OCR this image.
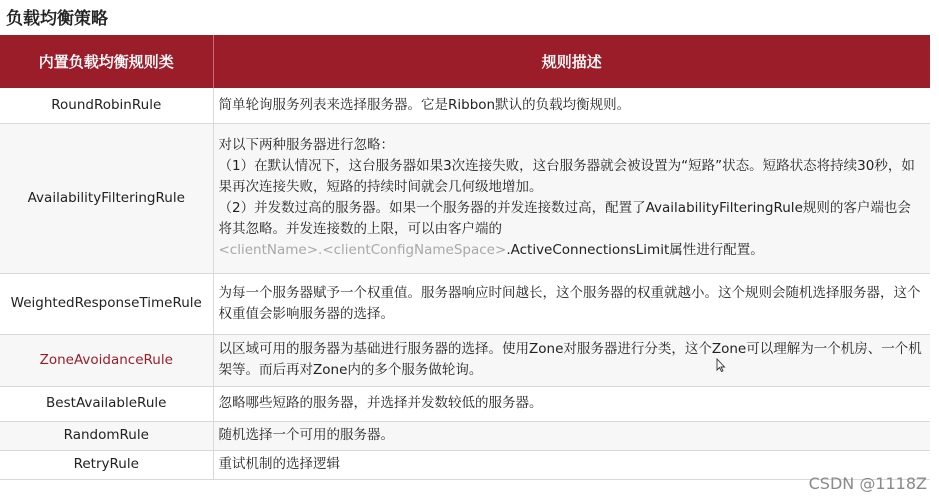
负载均衡策略
内置负载均衡规则类	规则描述
RoundRobinRule	简单轮询服务列表来选择服务器。它是Ribbon默认的负载均衡规则。
AvailabilityFilteringRule	对以下两种服务器进行忽略：
（1）在默认情况下，这台服务器如果3次连接失败，这台服务器就会被设置为“短路”状态。短路状态将持续30秒，如果再次连接失败，短路的持续时间就会几何级地增加。
（2）并发数过高的服务器。如果一个服务器的并发连接数过高，配置了AvailabilityFilteringRule规则的客户端也会将其忽略。并发连接数的上限，可以由客户端的
<clientName>.<clientConfigNameSpace>.ActiveConnectionsLimit属性进行配置。

WeightedResponseTimeRule	为每一个服务器赋予一个权重值。服务器响应时间越长，这个服务器的权重就越小。这个规则会随机选择服务器，这个权重值会影响服务器的选择。
ZoneAvoidanceRule	以区域可用的服务器为基础进行服务器的选择。使用Zone对服务器进行分类，这个Zone可以理解为一个机房、一个机架等。而后再对Zone内的多个服务做轮询。
BestAvailableRule	忽略哪些短路的服务器，并选择并发数较低的服务器。
RandomRule	随机选择一个可用的服务器。
RetryRule	重试机制的选择逻辑
CSDN @1118Z
